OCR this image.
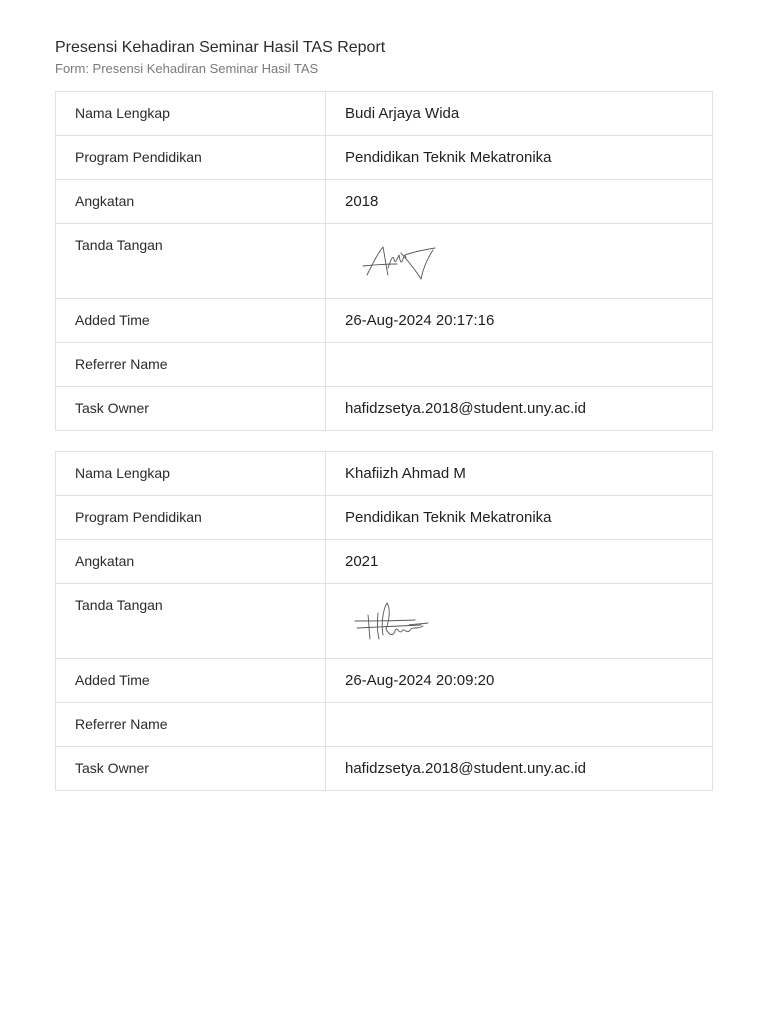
Presensi Kehadiran Seminar Hasil TAS Report
Form: Presensi Kehadiran Seminar Hasil TAS
Nama Lengkap	Budi Arjaya Wida
Program Pendidikan	Pendidikan Teknik Mekatronika
Angkatan	2018
Tanda Tangan	

Added Time	26-Aug-2024 20:17:16
Referrer Name	
Task Owner	hafidzsetya.2018@student.uny.ac.id
Nama Lengkap	Khafiizh Ahmad M
Program Pendidikan	Pendidikan Teknik Mekatronika
Angkatan	2021
Tanda Tangan	

Added Time	26-Aug-2024 20:09:20
Referrer Name	
Task Owner	hafidzsetya.2018@student.uny.ac.id
